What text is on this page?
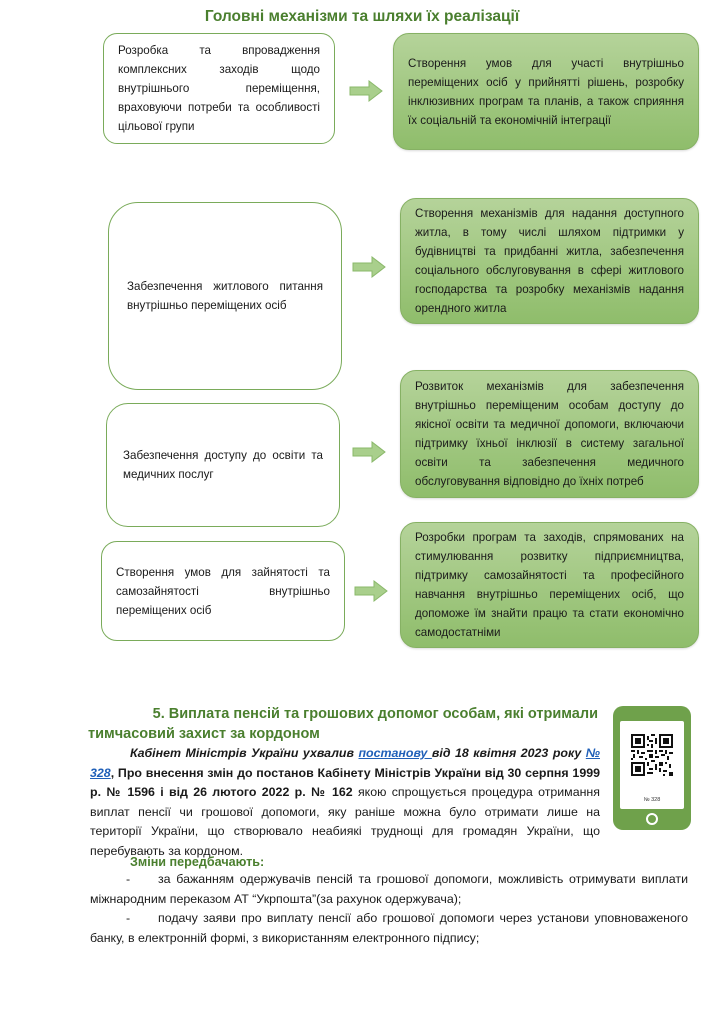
Головні механізми та шляхи їх реалізації
Розробка та впровадження комплексних заходів щодо внутрішнього переміщення, враховуючи потреби та особливості цільової групи
Створення умов для участі внутрішньо переміщених осіб у прийнятті рішень, розробку інклюзивних програм та планів, а також сприяння їх соціальній та економічній інтеграції
Забезпечення житлового питання внутрішньо переміщених осіб
Створення механізмів для надання доступного житла, в тому числі шляхом підтримки у будівництві та придбанні житла, забезпечення соціального обслуговування в сфері житлового господарства та розробку механізмів надання орендного житла
Забезпечення доступу до освіти та медичних послуг
Розвиток механізмів для забезпечення внутрішньо переміщеним особам доступу до якісної освіти та медичної допомоги, включаючи підтримку їхньої інклюзії в систему загальної освіти та забезпечення медичного обслуговування відповідно до їхніх потреб
Створення умов для зайнятості та самозайнятості внутрішньо переміщених осіб
Розробки програм та заходів, спрямованих на стимулювання розвитку підприємництва, підтримку самозайнятості та професійного навчання внутрішньо переміщених осіб, що допоможе їм знайти працю та стати економічно самодостатніми
5. Виплата пенсій та грошових допомог особам, які отримали
тимчасовий захист за кордоном
Кабінет Міністрів України ухвалив постанову від 18 квітня 2023 року № 328, Про внесення змін до постанов Кабінету Міністрів України від 30 серпня 1999 р. № 1596 і від 26 лютого 2022 р. № 162 якою спрощується процедура отримання виплат пенсії чи грошової допомоги, яку раніше можна було отримати лише на території України, що створювало неабиякі труднощі для громадян України, що перебувають за кордоном.
Зміни передбачають:
- за бажанням одержувачів пенсій та грошової допомоги, можливість отримувати виплати міжнародним переказом АТ “Укрпошта”(за рахунок одержувача);
- подачу заяви про виплату пенсії або грошової допомоги через установи уповноваженого банку, в електронній формі, з використанням електронного підпису;
№ 328
